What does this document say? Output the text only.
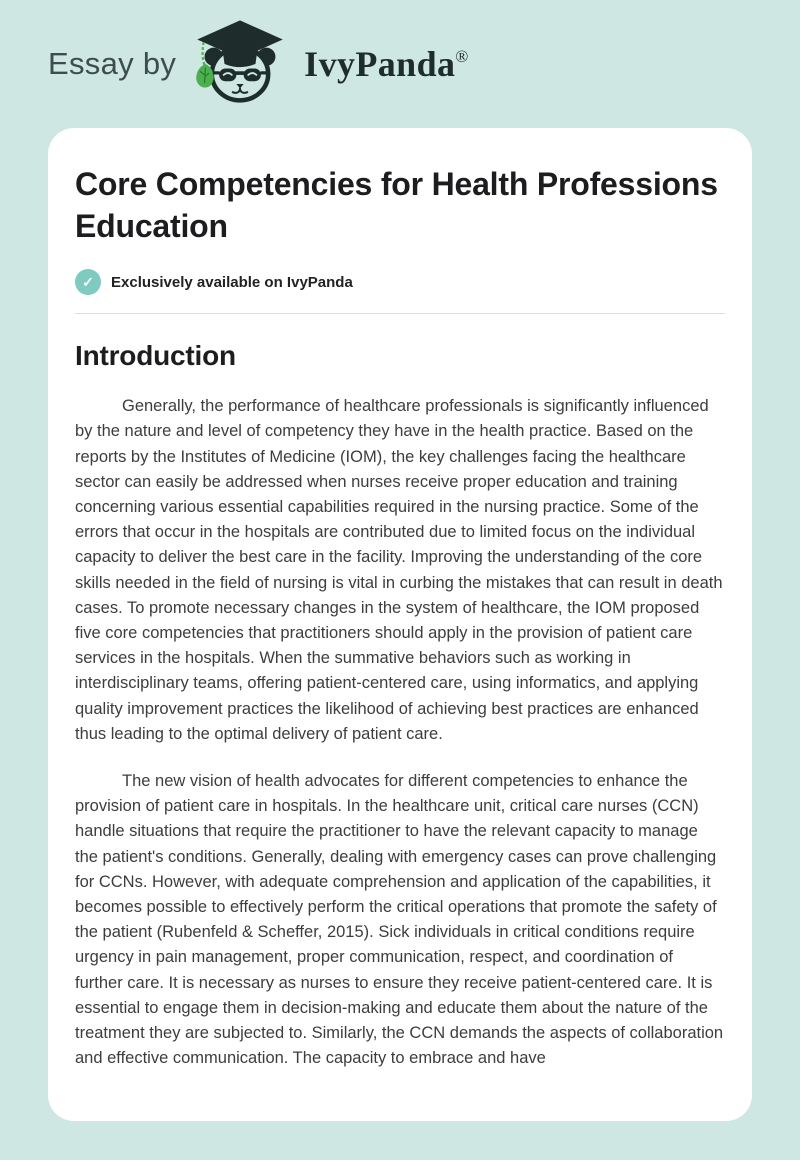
Essay by	IvyPanda®
Core Competencies for Health Professions Education
✓	Exclusively available on IvyPanda
Introduction

Generally, the performance of healthcare professionals is significantly influenced by the nature and level of competency they have in the health practice. Based on the reports by the Institutes of Medicine (IOM), the key challenges facing the healthcare sector can easily be addressed when nurses receive proper education and training concerning various essential capabilities required in the nursing practice. Some of the errors that occur in the hospitals are contributed due to limited focus on the individual capacity to deliver the best care in the facility. Improving the understanding of the core skills needed in the field of nursing is vital in curbing the mistakes that can result in death cases. To promote necessary changes in the system of healthcare, the IOM proposed five core competencies that practitioners should apply in the provision of patient care services in the hospitals. When the summative behaviors such as working in interdisciplinary teams, offering patient-centered care, using informatics, and applying quality improvement practices the likelihood of achieving best practices are enhanced thus leading to the optimal delivery of patient care.

The new vision of health advocates for different competencies to enhance the provision of patient care in hospitals. In the healthcare unit, critical care nurses (CCN) handle situations that require the practitioner to have the relevant capacity to manage the patient's conditions. Generally, dealing with emergency cases can prove challenging for CCNs. However, with adequate comprehension and application of the capabilities, it becomes possible to effectively perform the critical operations that promote the safety of the patient (Rubenfeld & Scheffer, 2015). Sick individuals in critical conditions require urgency in pain management, proper communication, respect, and coordination of further care. It is necessary as nurses to ensure they receive patient-centered care. It is essential to engage them in decision-making and educate them about the nature of the treatment they are subjected to. Similarly, the CCN demands the aspects of collaboration and effective communication. The capacity to embrace and have
